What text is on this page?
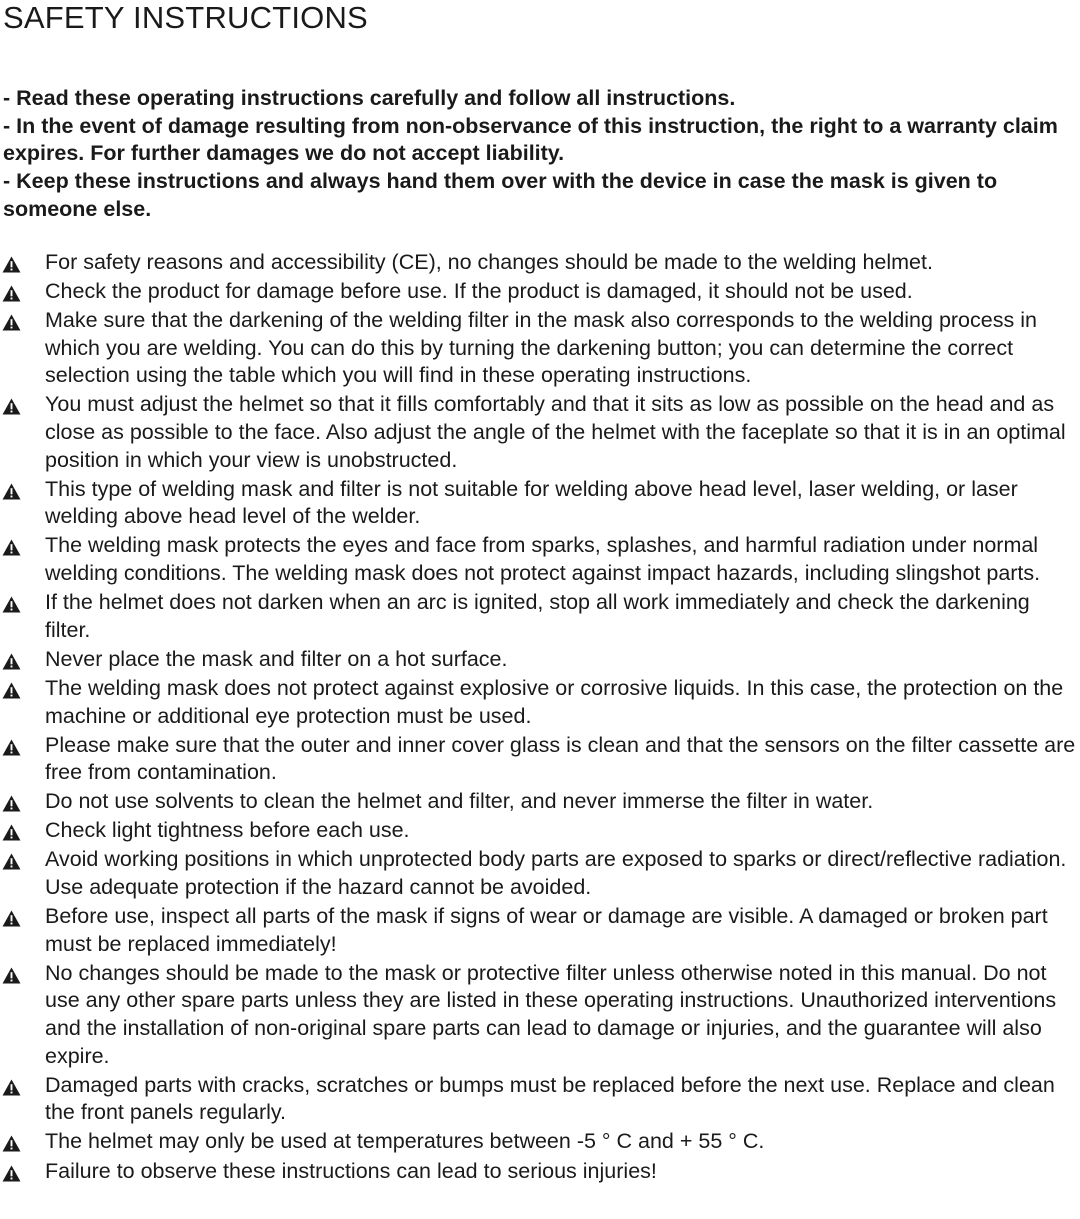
SAFETY INSTRUCTIONS
- Read these operating instructions carefully and follow all instructions.
- In the event of damage resulting from non-observance of this instruction, the right to a warranty claim expires. For further damages we do not accept liability.
- Keep these instructions and always hand them over with the device in case the mask is given to someone else.
For safety reasons and accessibility (CE), no changes should be made to the welding helmet.
Check the product for damage before use. If the product is damaged, it should not be used.
Make sure that the darkening of the welding filter in the mask also corresponds to the welding process in which you are welding. You can do this by turning the darkening button; you can determine the correct selection using the table which you will find in these operating instructions.
You must adjust the helmet so that it fills comfortably and that it sits as low as possible on the head and as close as possible to the face. Also adjust the angle of the helmet with the faceplate so that it is in an optimal position in which your view is unobstructed.
This type of welding mask and filter is not suitable for welding above head level, laser welding, or laser welding above head level of the welder.
The welding mask protects the eyes and face from sparks, splashes, and harmful radiation under normal welding conditions. The welding mask does not protect against impact hazards, including slingshot parts.
If the helmet does not darken when an arc is ignited, stop all work immediately and check the darkening filter.
Never place the mask and filter on a hot surface.
The welding mask does not protect against explosive or corrosive liquids. In this case, the protection on the machine or additional eye protection must be used.
Please make sure that the outer and inner cover glass is clean and that the sensors on the filter cassette are free from contamination.
Do not use solvents to clean the helmet and filter, and never immerse the filter in water.
Check light tightness before each use.
Avoid working positions in which unprotected body parts are exposed to sparks or direct/reflective radiation. Use adequate protection if the hazard cannot be avoided.
Before use, inspect all parts of the mask if signs of wear or damage are visible. A damaged or broken part must be replaced immediately!
No changes should be made to the mask or protective filter unless otherwise noted in this manual. Do not use any other spare parts unless they are listed in these operating instructions. Unauthorized interventions and the installation of non-original spare parts can lead to damage or injuries, and the guarantee will also expire.
Damaged parts with cracks, scratches or bumps must be replaced before the next use. Replace and clean the front panels regularly.
The helmet may only be used at temperatures between -5 ° C and + 55 ° C.
Failure to observe these instructions can lead to serious injuries!
